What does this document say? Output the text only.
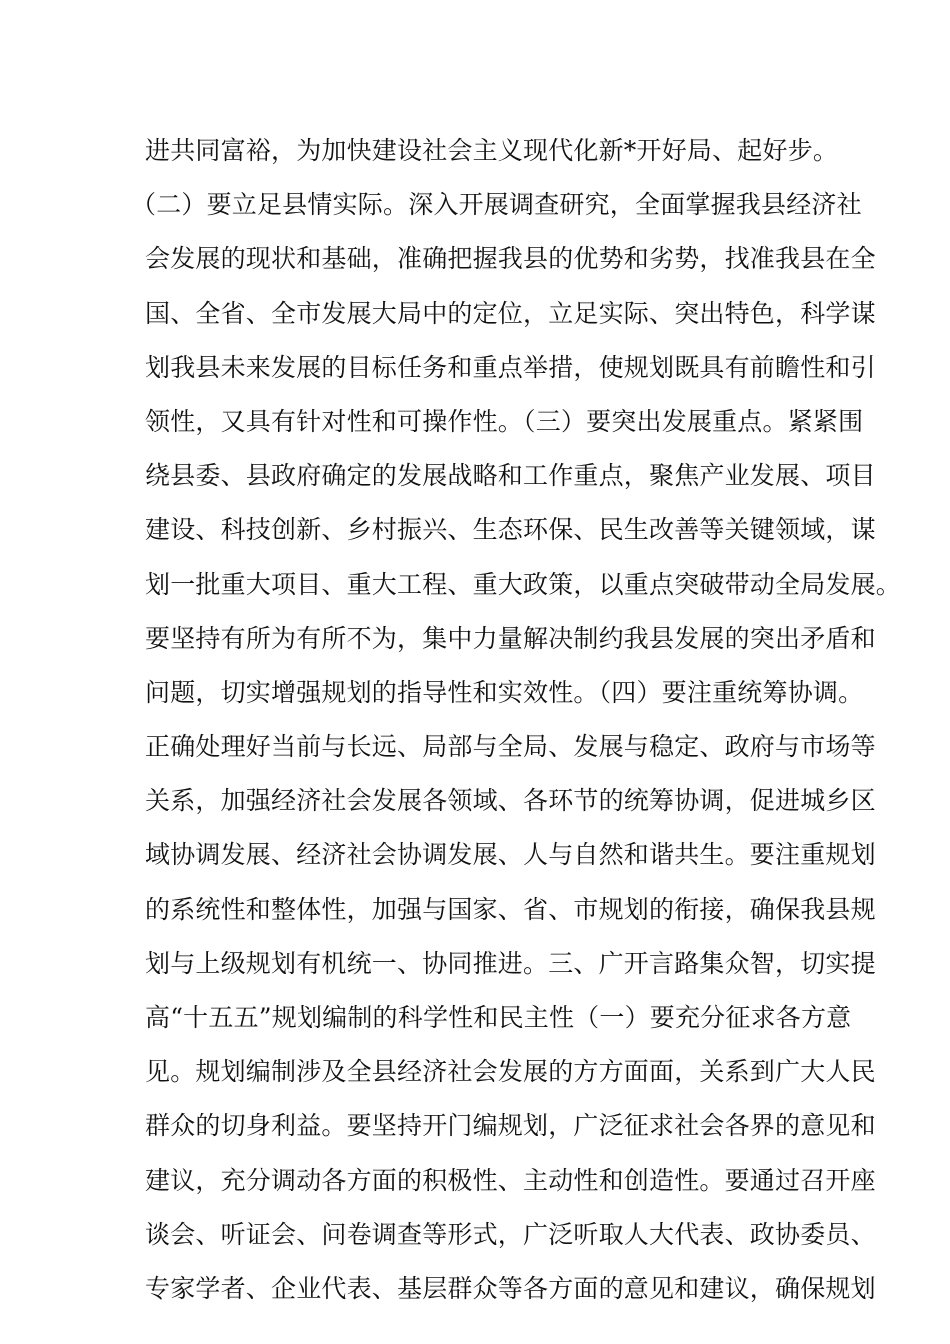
进共同富裕，为加快建设社会主义现代化新*开好局、起好步。
（二）要立足县情实际。深入开展调查研究，全面掌握我县经济社
会发展的现状和基础，准确把握我县的优势和劣势，找准我县在全
国、全省、全市发展大局中的定位，立足实际、突出特色，科学谋
划我县未来发展的目标任务和重点举措，使规划既具有前瞻性和引
领性，又具有针对性和可操作性。（三）要突出发展重点。紧紧围
绕县委、县政府确定的发展战略和工作重点，聚焦产业发展、项目
建设、科技创新、乡村振兴、生态环保、民生改善等关键领域，谋
划一批重大项目、重大工程、重大政策，以重点突破带动全局发展。
要坚持有所为有所不为，集中力量解决制约我县发展的突出矛盾和
问题，切实增强规划的指导性和实效性。（四）要注重统筹协调。
正确处理好当前与长远、局部与全局、发展与稳定、政府与市场等
关系，加强经济社会发展各领域、各环节的统筹协调，促进城乡区
域协调发展、经济社会协调发展、人与自然和谐共生。要注重规划
的系统性和整体性，加强与国家、省、市规划的衔接，确保我县规
划与上级规划有机统一、协同推进。三、广开言路集众智，切实提
高“十五五”规划编制的科学性和民主性（一）要充分征求各方意
见。规划编制涉及全县经济社会发展的方方面面，关系到广大人民
群众的切身利益。要坚持开门编规划，广泛征求社会各界的意见和
建议，充分调动各方面的积极性、主动性和创造性。要通过召开座
谈会、听证会、问卷调查等形式，广泛听取人大代表、政协委员、
专家学者、企业代表、基层群众等各方面的意见和建议，确保规划
